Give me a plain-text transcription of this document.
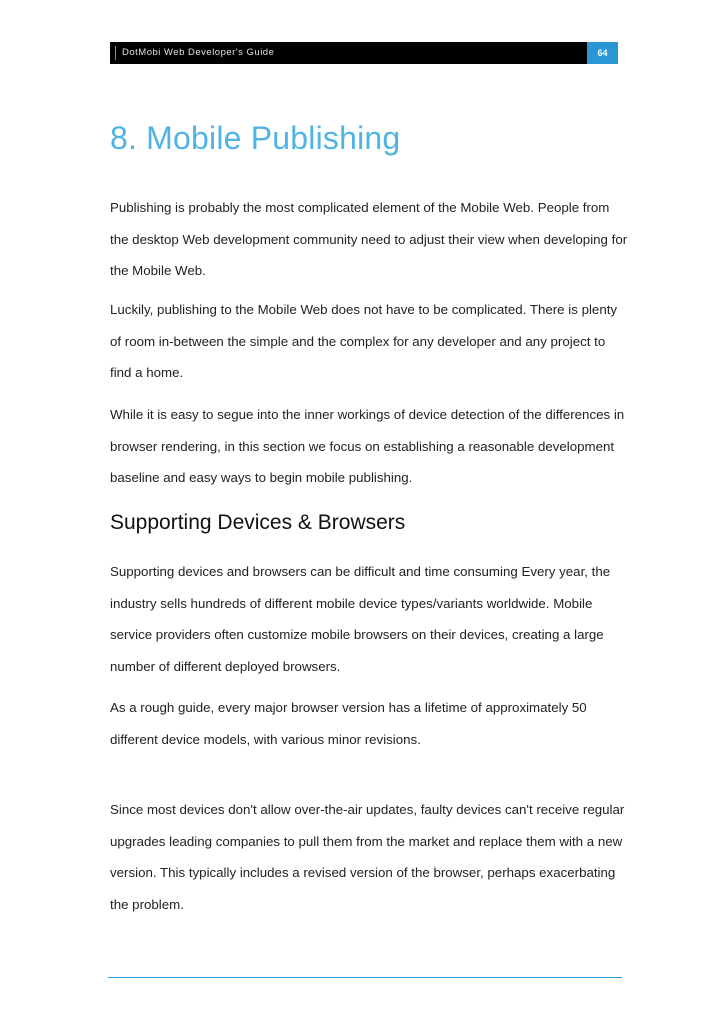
DotMobi Web Developer's Guide	64
8. Mobile Publishing

Publishing is probably the most complicated element of the Mobile Web. People from the desktop Web development community need to adjust their view when developing for the Mobile Web.

Luckily, publishing to the Mobile Web does not have to be complicated. There is plenty of room in-between the simple and the complex for any developer and any project to find a home.

While it is easy to segue into the inner workings of device detection of the differences in browser rendering, in this section we focus on establishing a reasonable development baseline and easy ways to begin mobile publishing.

Supporting Devices & Browsers

Supporting devices and browsers can be difficult and time consuming Every year, the industry sells hundreds of different mobile device types/variants worldwide. Mobile service providers often customize mobile browsers on their devices, creating a large number of different deployed browsers.

As a rough guide, every major browser version has a lifetime of approximately 50 different device models, with various minor revisions.

Since most devices don't allow over-the-air updates, faulty devices can't receive regular upgrades leading companies to pull them from the market and replace them with a new version. This typically includes a revised version of the browser, perhaps exacerbating the problem.
